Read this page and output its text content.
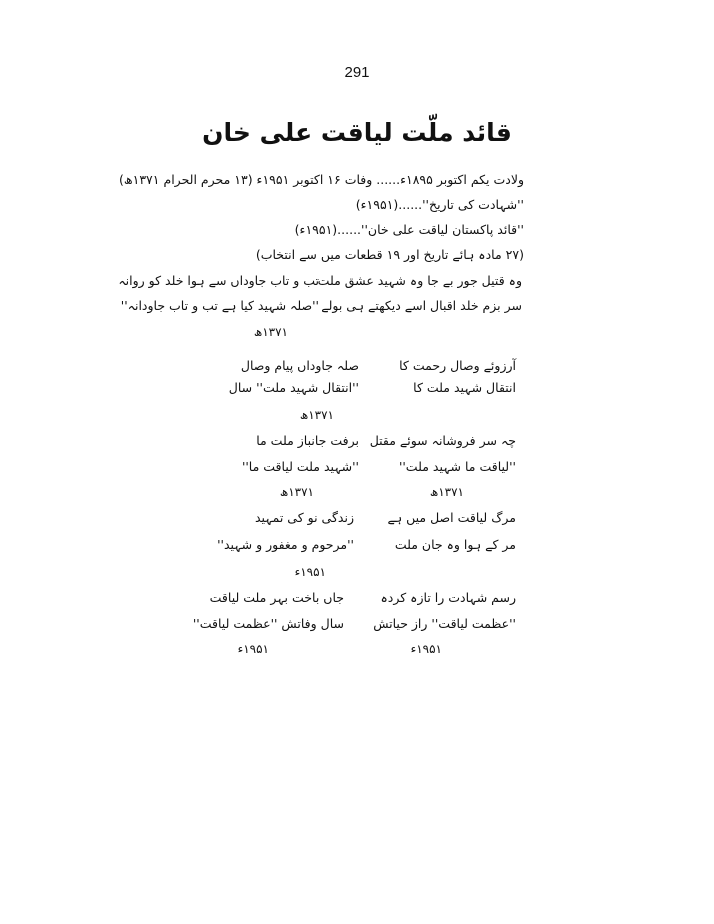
291
قائد ملّت لیاقت علی خان
ولادت یکم اکتوبر ۱۸۹۵ء...... وفات ۱۶ اکتوبر ۱۹۵۱ء (۱۳ محرم الحرام ۱۳۷۱ھ)
''شہادت کی تاریخ''......(۱۹۵۱ء)
''قائد پاکستان لیاقت علی خان''......(۱۹۵۱ء)
(۲۷ مادہ ہائے تاریخ اور ۱۹ قطعات میں سے انتخاب)
وہ قتیل جور بے جا وہ شہید عشق ملت
تب و تاب جاوداں سے ہوا خلد کو روانہ
سر بزم خلد اقبال اسے دیکھتے ہی بولے
''صلہ شہید کیا ہے تب و تاب جاودانہ''
۱۳۷۱ھ
آرزوئے وصال رحمت کا
صلہ جاوداں پیام وصال
انتقال شہید ملت کا
''انتقال شہید ملت'' سال
۱۳۷۱ھ
چہ سر فروشانہ سوئے مقتل
برفت جانباز ملت ما
''لیاقت ما شہید ملت''
''شہید ملت لیاقت ما''
۱۳۷۱ھ
۱۳۷۱ھ
مرگ لیاقت اصل میں ہے
زندگی نو کی تمہید
مر کے ہوا وہ جان ملت
''مرحوم و مغفور و شہید''
۱۹۵۱ء
رسم شہادت را تازہ کردہ
جاں باخت بہر ملت لیاقت
''عظمت لیاقت'' راز حیاتش
سال وفاتش ''عظمت لیاقت''
۱۹۵۱ء
۱۹۵۱ء
